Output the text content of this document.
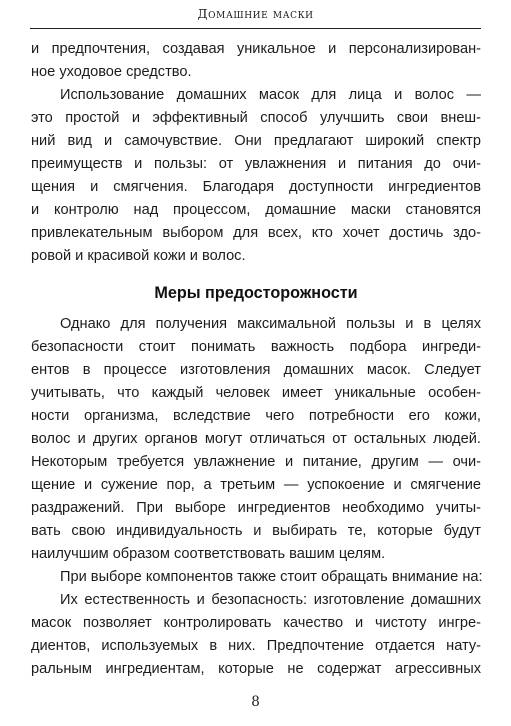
Домашние маски
и предпочтения, создавая уникальное и персонализирован-
ное уходовое средство.
Использование домашних масок для лица и волос —
это простой и эффективный способ улучшить свои внеш-
ний вид и самочувствие. Они предлагают широкий спектр
преимуществ и пользы: от увлажнения и питания до очи-
щения и смягчения. Благодаря доступности ингредиентов
и контролю над процессом, домашние маски становятся
привлекательным выбором для всех, кто хочет достичь здо-
ровой и красивой кожи и волос.
Меры предосторожности
Однако для получения максимальной пользы и в целях
безопасности стоит понимать важность подбора ингреди-
ентов в процессе изготовления домашних масок. Следует
учитывать, что каждый человек имеет уникальные особен-
ности организма, вследствие чего потребности его кожи,
волос и других органов могут отличаться от остальных людей.
Некоторым требуется увлажнение и питание, другим — очи-
щение и сужение пор, а третьим — успокоение и смягчение
раздражений. При выборе ингредиентов необходимо учиты-
вать свою индивидуальность и выбирать те, которые будут
наилучшим образом соответствовать вашим целям.
При выборе компонентов также стоит обращать внимание на:
Их естественность и безопасность: изготовление домашних
масок позволяет контролировать качество и чистоту ингре-
диентов, используемых в них. Предпочтение отдается нату-
ральным ингредиентам, которые не содержат агрессивных
8
